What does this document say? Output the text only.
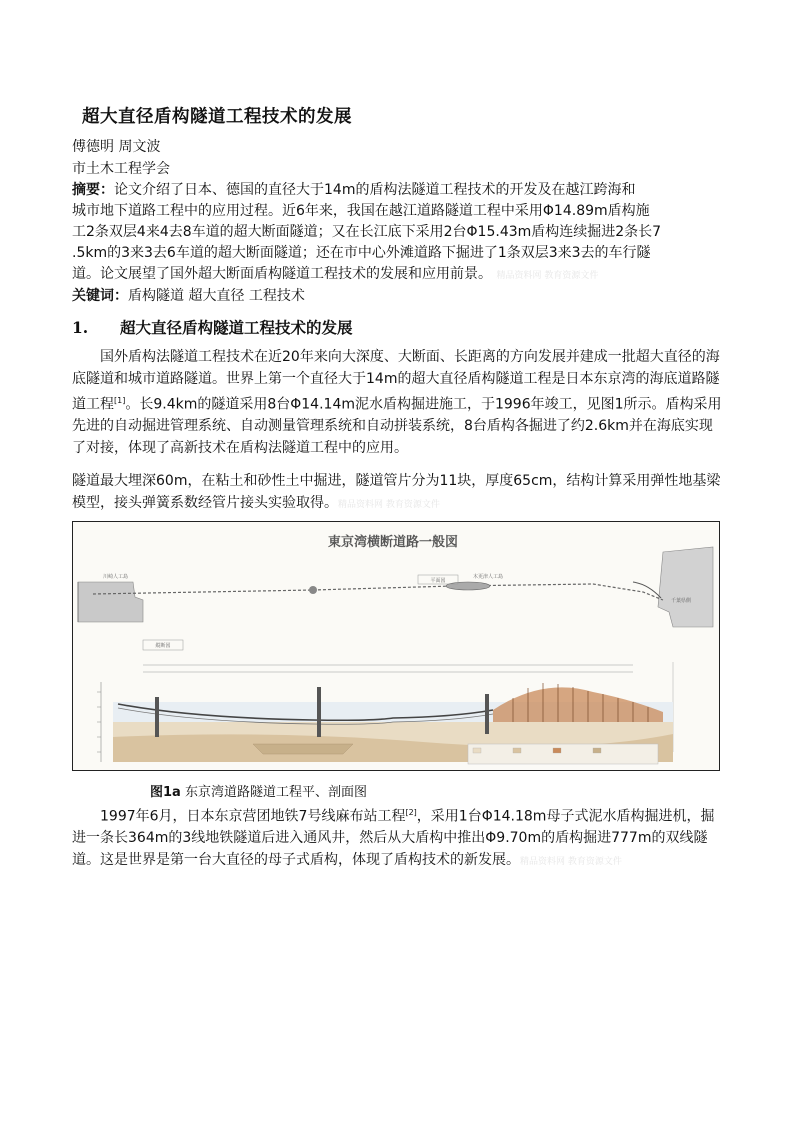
超大直径盾构隧道工程技术的发展
傅德明 周文波
市土木工程学会
摘要：论文介绍了日本、德国的直径大于14m的盾构法隧道工程技术的开发及在越江跨海和
城市地下道路工程中的应用过程。近6年来，我国在越江道路隧道工程中采用Φ14.89m盾构施
工2条双层4来4去8车道的超大断面隧道；又在长江底下采用2台Φ15.43m盾构连续掘进2条长7
.5km的3来3去6车道的超大断面隧道；还在市中心外滩道路下掘进了1条双层3来3去的车行隧
道。论文展望了国外超大断面盾构隧道工程技术的发展和应用前景。 精品资料网 教育资源文件
关键词：盾构隧道 超大直径 工程技术
1. 超大直径盾构隧道工程技术的发展
国外盾构法隧道工程技术在近20年来向大深度、大断面、长距离的方向发展并建成一批超大直径的海底隧道和城市道路隧道。世界上第一个直径大于14m的超大直径盾构隧道工程是日本东京湾的海底道路隧道工程[1]。长9.4km的隧道采用8台Φ14.14m泥水盾构掘进施工，于1996年竣工，见图1所示。盾构采用先进的自动掘进管理系统、自动测量管理系统和自动拼装系统，8台盾构各掘进了约2.6km并在海底实现了对接，体现了高新技术在盾构法隧道工程中的应用。
隧道最大埋深60m，在粘土和砂性土中掘进，隧道管片分为11块，厚度65cm，结构计算采用弹性地基梁模型，接头弹簧系数经管片接头实验取得。精品资料网 教育资源文件
東京湾横断道路一般図
平面図
川崎人工島	木更津人工島
千葉県側
縦断図
图1a 东京湾道路隧道工程平、剖面图
1997年6月，日本东京营团地铁7号线麻布站工程[2]，采用1台Φ14.18m母子式泥水盾构掘进机，掘进一条长364m的3线地铁隧道后进入通风井，然后从大盾构中推出Φ9.70m的盾构掘进777m的双线隧道。这是世界是第一台大直径的母子式盾构，体现了盾构技术的新发展。精品资料网 教育资源文件
